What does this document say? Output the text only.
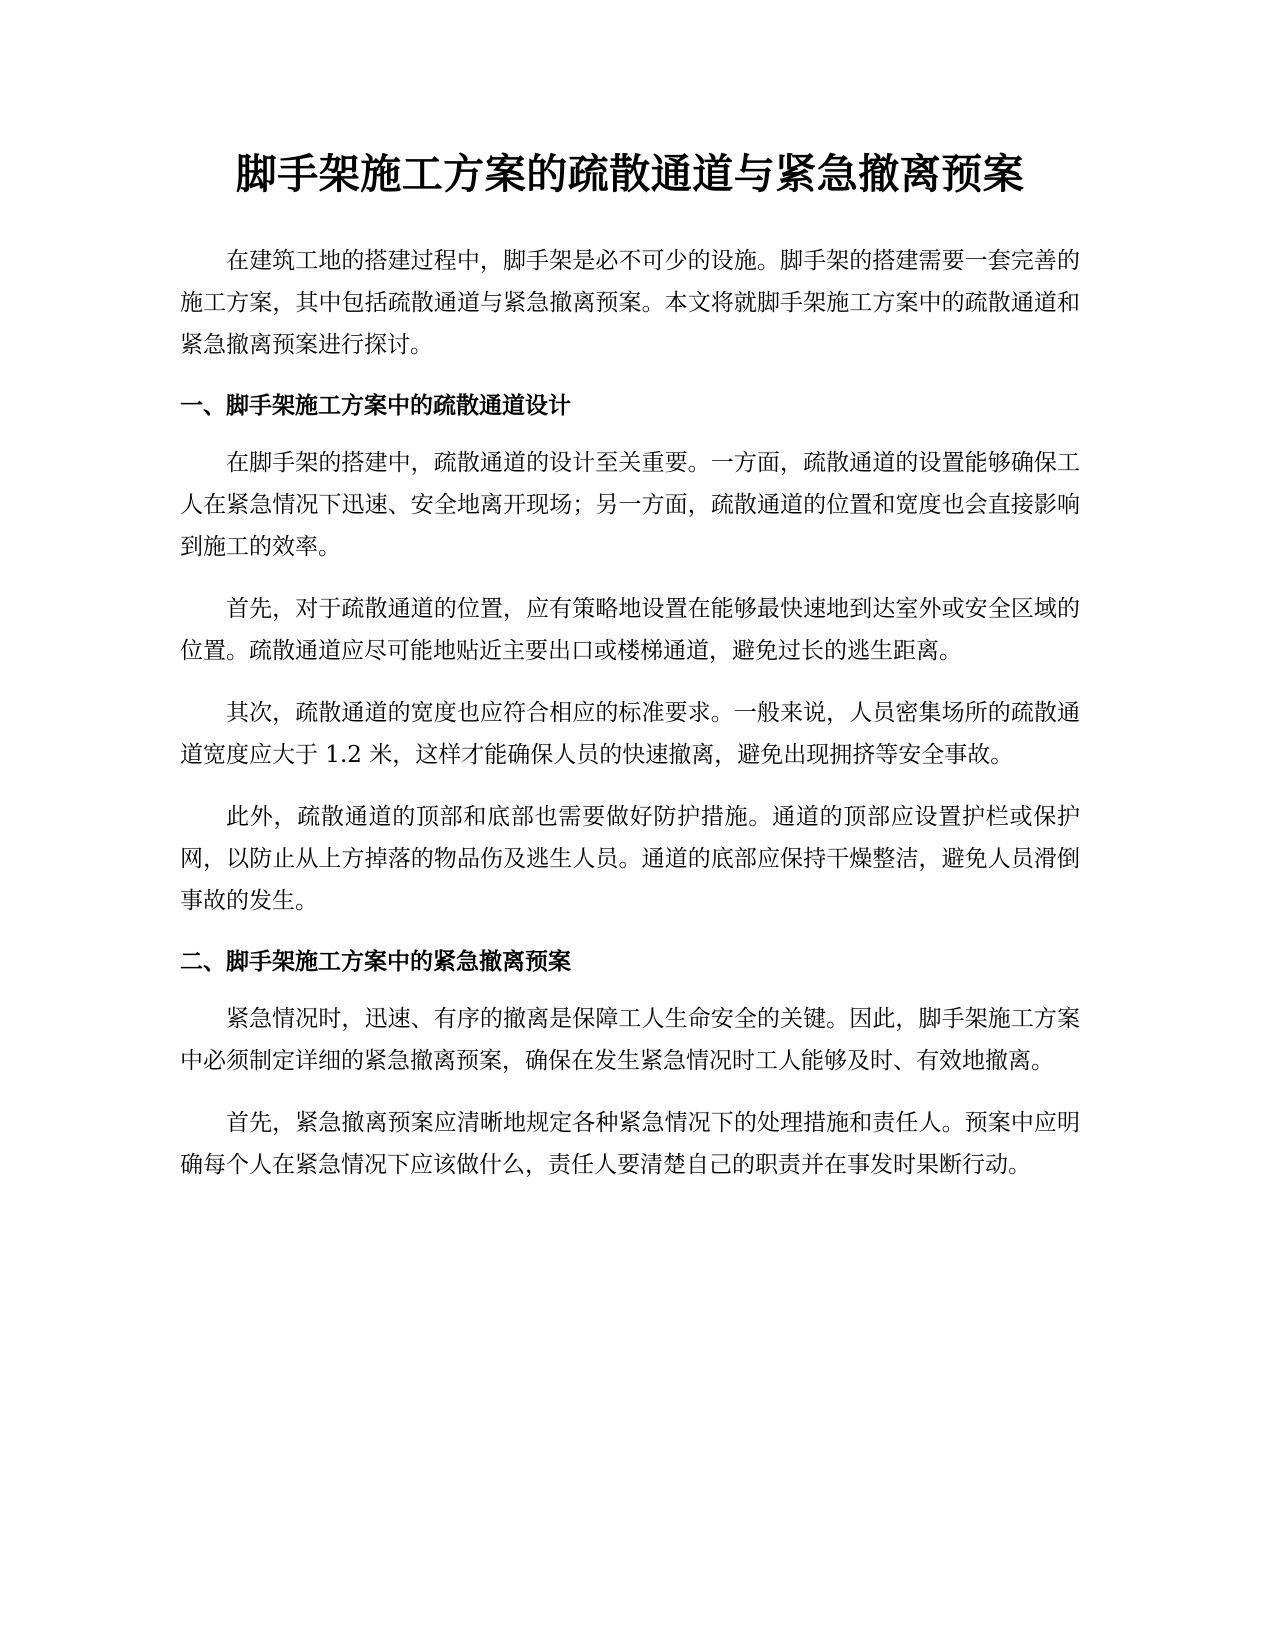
脚手架施工方案的疏散通道与紧急撤离预案

在建筑工地的搭建过程中，脚手架是必不可少的设施。脚手架的搭建需要一套完善的施工方案，其中包括疏散通道与紧急撤离预案。本文将就脚手架施工方案中的疏散通道和紧急撤离预案进行探讨。

一、脚手架施工方案中的疏散通道设计

在脚手架的搭建中，疏散通道的设计至关重要。一方面，疏散通道的设置能够确保工人在紧急情况下迅速、安全地离开现场；另一方面，疏散通道的位置和宽度也会直接影响到施工的效率。

首先，对于疏散通道的位置，应有策略地设置在能够最快速地到达室外或安全区域的位置。疏散通道应尽可能地贴近主要出口或楼梯通道，避免过长的逃生距离。

其次，疏散通道的宽度也应符合相应的标准要求。一般来说，人员密集场所的疏散通道宽度应大于 1.2 米，这样才能确保人员的快速撤离，避免出现拥挤等安全事故。

此外，疏散通道的顶部和底部也需要做好防护措施。通道的顶部应设置护栏或保护网，以防止从上方掉落的物品伤及逃生人员。通道的底部应保持干燥整洁，避免人员滑倒事故的发生。

二、脚手架施工方案中的紧急撤离预案

紧急情况时，迅速、有序的撤离是保障工人生命安全的关键。因此，脚手架施工方案中必须制定详细的紧急撤离预案，确保在发生紧急情况时工人能够及时、有效地撤离。

首先，紧急撤离预案应清晰地规定各种紧急情况下的处理措施和责任人。预案中应明确每个人在紧急情况下应该做什么，责任人要清楚自己的职责并在事发时果断行动。
